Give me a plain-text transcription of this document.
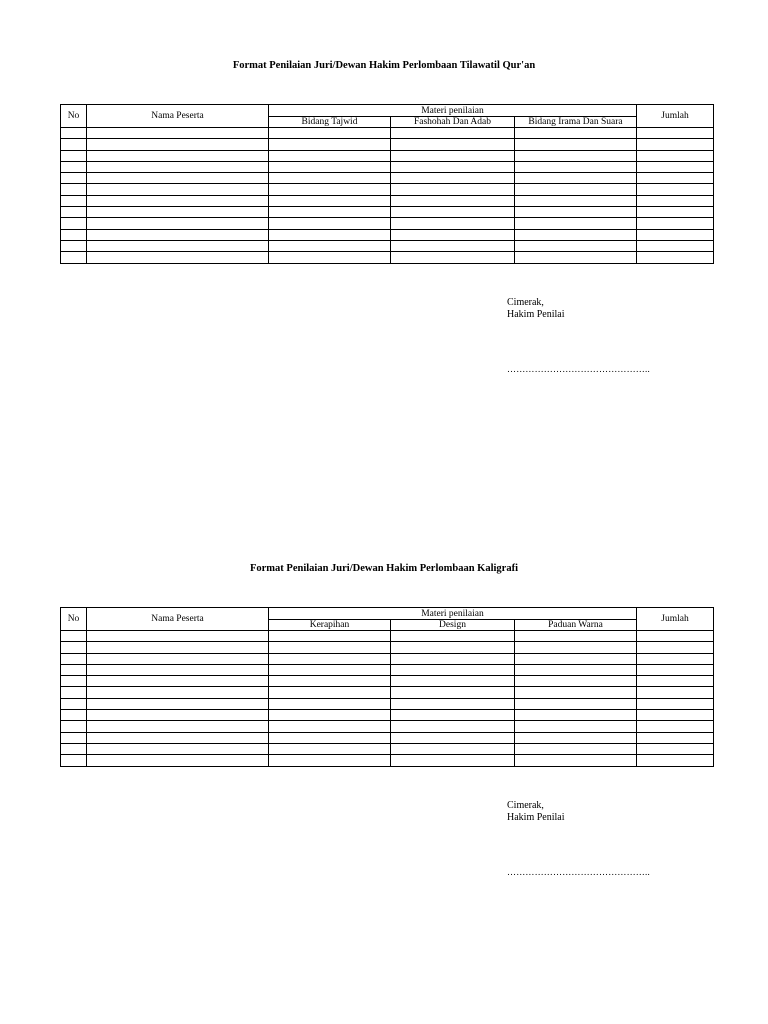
Format Penilaian Juri/Dewan Hakim Perlombaan Tilawatil Qur'an
No	Nama Peserta	Materi penilaian			Jumlah
		Bidang Tajwid	Fashohah Dan Adab	Bidang Irama Dan Suara	

Cimerak,
Hakim Penilai
………………………………………..
Format Penilaian Juri/Dewan Hakim Perlombaan Kaligrafi
No	Nama Peserta	Materi penilaian			Jumlah
		Kerapihan	Design	Paduan Warna	

Cimerak,
Hakim Penilai
………………………………………..
